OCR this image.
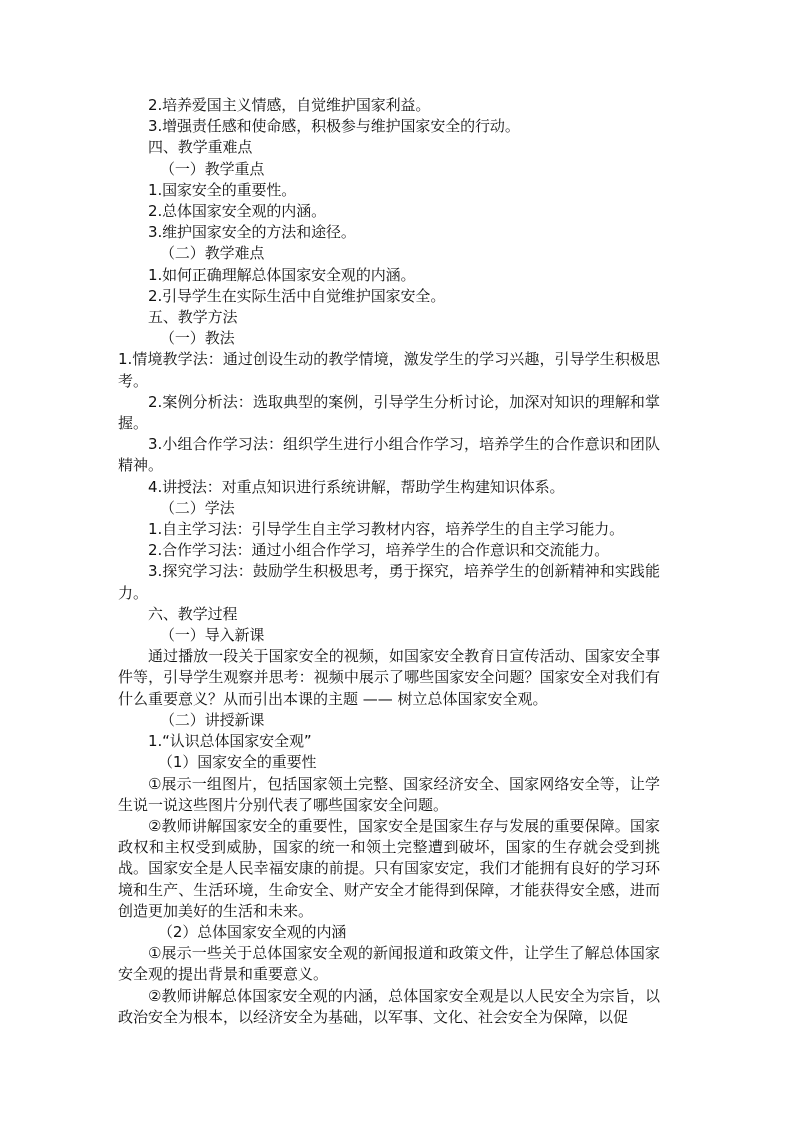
2.培养爱国主义情感，自觉维护国家利益。
3.增强责任感和使命感，积极参与维护国家安全的行动。
四、教学重难点
（一）教学重点
1.国家安全的重要性。
2.总体国家安全观的内涵。
3.维护国家安全的方法和途径。
（二）教学难点
1.如何正确理解总体国家安全观的内涵。
2.引导学生在实际生活中自觉维护国家安全。
五、教学方法
（一）教法
1.情境教学法：通过创设生动的教学情境，激发学生的学习兴趣，引导学生积极思考。
2.案例分析法：选取典型的案例，引导学生分析讨论，加深对知识的理解和掌握。
3.小组合作学习法：组织学生进行小组合作学习，培养学生的合作意识和团队精神。
4.讲授法：对重点知识进行系统讲解，帮助学生构建知识体系。
（二）学法
1.自主学习法：引导学生自主学习教材内容，培养学生的自主学习能力。
2.合作学习法：通过小组合作学习，培养学生的合作意识和交流能力。
3.探究学习法：鼓励学生积极思考，勇于探究，培养学生的创新精神和实践能力。
六、教学过程
（一）导入新课
通过播放一段关于国家安全的视频，如国家安全教育日宣传活动、国家安全事件等，引导学生观察并思考：视频中展示了哪些国家安全问题？国家安全对我们有什么重要意义？从而引出本课的主题 —— 树立总体国家安全观。
（二）讲授新课
1.“认识总体国家安全观”
（1）国家安全的重要性
①展示一组图片，包括国家领土完整、国家经济安全、国家网络安全等，让学生说一说这些图片分别代表了哪些国家安全问题。
②教师讲解国家安全的重要性，国家安全是国家生存与发展的重要保障。国家政权和主权受到威胁，国家的统一和领土完整遭到破坏，国家的生存就会受到挑战。国家安全是人民幸福安康的前提。只有国家安定，我们才能拥有良好的学习环境和生产、生活环境，生命安全、财产安全才能得到保障，才能获得安全感，进而创造更加美好的生活和未来。
（2）总体国家安全观的内涵
①展示一些关于总体国家安全观的新闻报道和政策文件，让学生了解总体国家安全观的提出背景和重要意义。
②教师讲解总体国家安全观的内涵，总体国家安全观是以人民安全为宗旨，以政治安全为根本，以经济安全为基础，以军事、文化、社会安全为保障，以促
